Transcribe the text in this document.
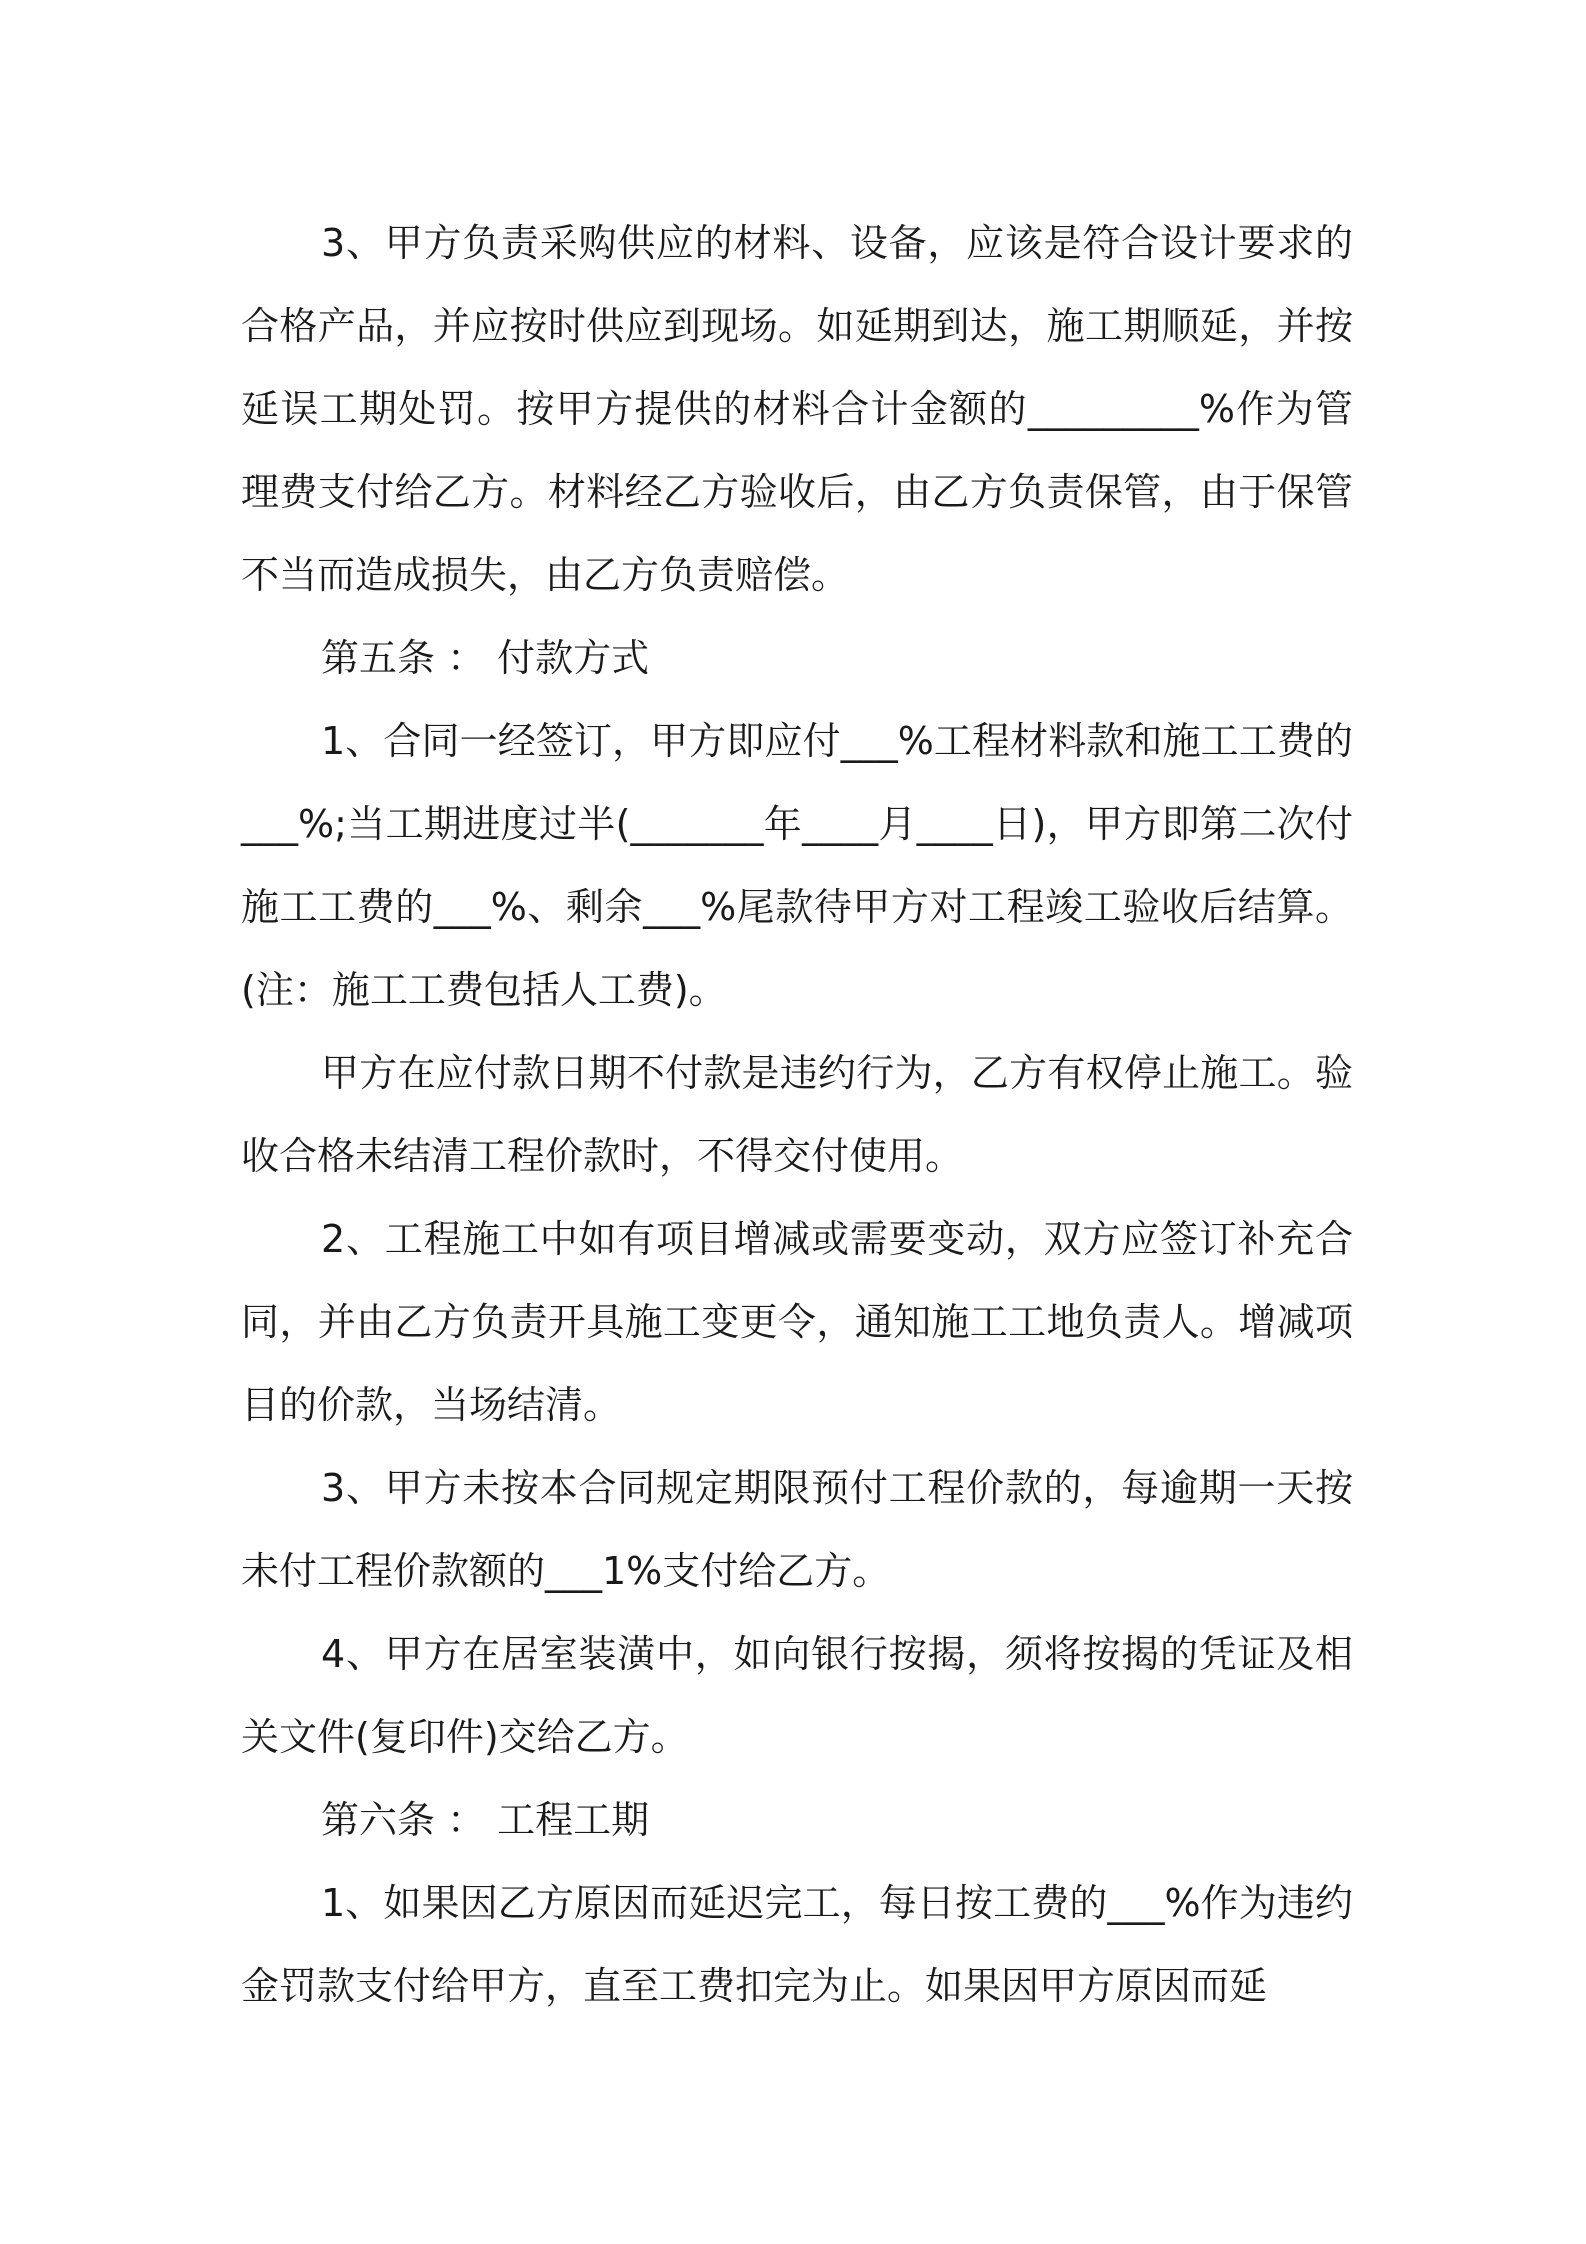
3、甲方负责采购供应的材料、设备，应该是符合设计要求的合格产品，并应按时供应到现场。如延期到达，施工期顺延，并按延误工期处罚。按甲方提供的材料合计金额的_________%作为管理费支付给乙方。材料经乙方验收后，由乙方负责保管，由于保管不当而造成损失，由乙方负责赔偿。

第五条 ： 付款方式

1、合同一经签订，甲方即应付___%工程材料款和施工工费的___%;当工期进度过半(_______年____月____日)，甲方即第二次付施工工费的___%、剩余___%尾款待甲方对工程竣工验收后结算。(注：施工工费包括人工费)。

甲方在应付款日期不付款是违约行为，乙方有权停止施工。验收合格未结清工程价款时，不得交付使用。

2、工程施工中如有项目增减或需要变动，双方应签订补充合同，并由乙方负责开具施工变更令，通知施工工地负责人。增减项目的价款，当场结清。

3、甲方未按本合同规定期限预付工程价款的，每逾期一天按未付工程价款额的___1%支付给乙方。

4、甲方在居室装潢中，如向银行按揭，须将按揭的凭证及相关文件(复印件)交给乙方。

第六条 ： 工程工期

1、如果因乙方原因而延迟完工，每日按工费的___%作为违约金罚款支付给甲方，直至工费扣完为止。如果因甲方原因而延
